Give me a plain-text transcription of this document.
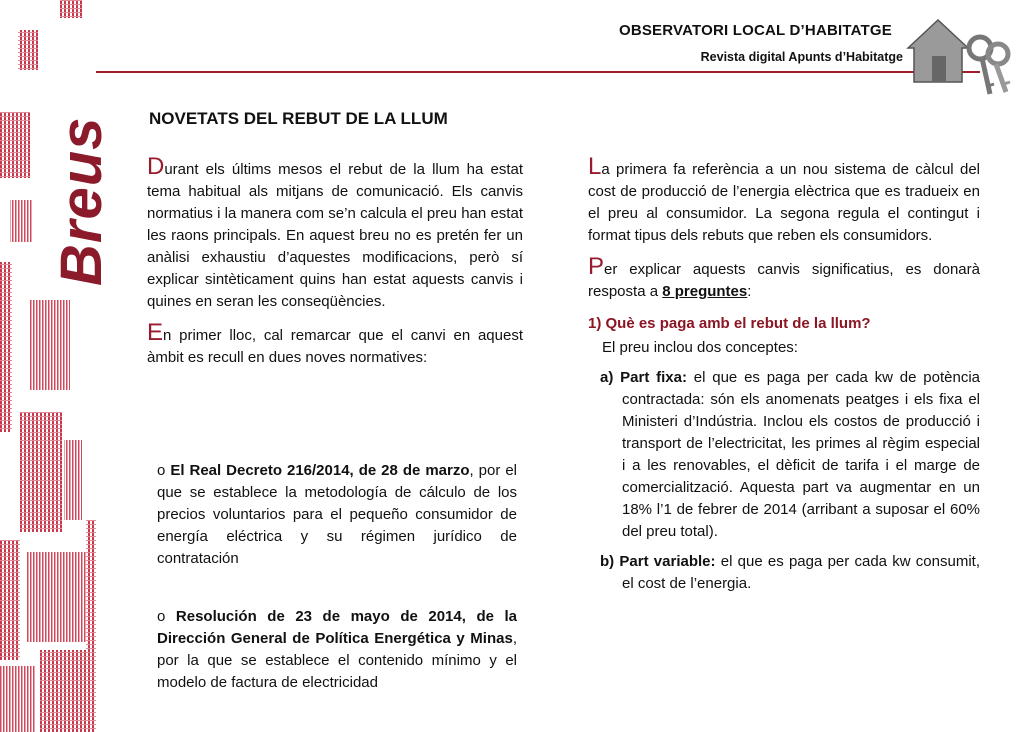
Breus
OBSERVATORI LOCAL D’HABITATGE
Revista digital Apunts d’Habitatge
NOVETATS DEL REBUT DE LA LLUM

Durant els últims mesos el rebut de la llum ha estat tema habitual als mitjans de comunicació. Els canvis normatius i la manera com se’n calcula el preu han estat les raons principals. En aquest breu no es pretén fer un anàlisi exhaustiu d’aquestes modificacions, però sí explicar sintèticament quins han estat aquests canvis i quines en seran les conseqüències.

En primer lloc, cal remarcar que el canvi en aquest àmbit es recull en dues noves normatives:

o El Real Decreto 216/2014, de 28 de marzo, por el que se establece la metodología de cálculo de los precios voluntarios para el pequeño consumidor de energía eléctrica y su régimen jurídico de contratación
o Resolución de 23 de mayo de 2014, de la Dirección General de Política Energética y Minas, por la que se establece el contenido mínimo y el modelo de factura de electricidad

La primera fa referència a un nou sistema de càlcul del cost de producció de l’energia elèctrica que es tradueix en el preu al consumidor. La segona regula el contingut i format tipus dels rebuts que reben els consumidors.

Per explicar aquests canvis significatius, es donarà resposta a 8 preguntes:

1) Què es paga amb el rebut de la llum?

El preu inclou dos conceptes:

a) Part fixa: el que es paga per cada kw de potència contractada: són els anomenats peatges i els fixa el Ministeri d’Indústria. Inclou els costos de producció i transport de l’electricitat, les primes al règim especial i a les renovables, el dèficit de tarifa i el marge de comercialització. Aquesta part va augmentar en un 18% l’1 de febrer de 2014 (arribant a suposar el 60% del preu total).

b) Part variable: el que es paga per cada kw consumit, el cost de l’energia.
